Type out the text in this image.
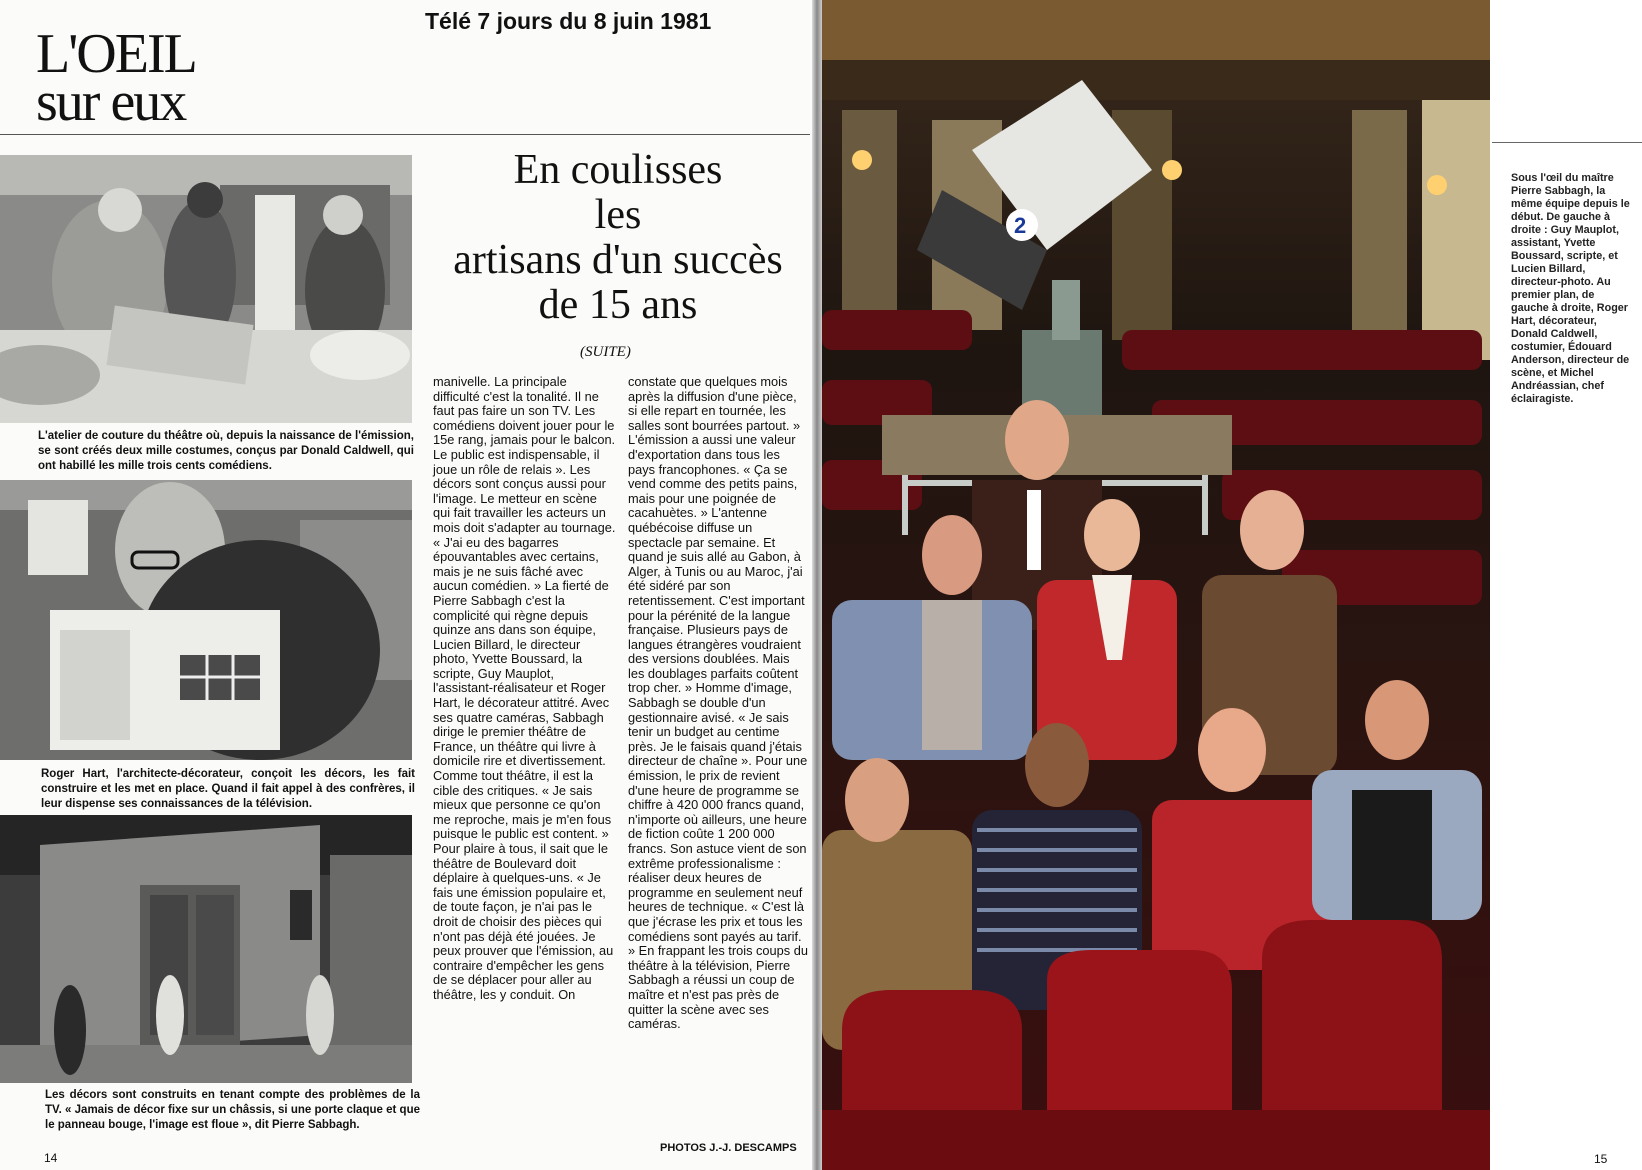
Télé 7 jours du 8 juin 1981
L'OEIL
sur eux
L'atelier de couture du théâtre où, depuis la naissance de l'émission, se sont créés deux mille costumes, conçus par Donald Caldwell, qui ont habillé les mille trois cents comédiens.
Roger Hart, l'architecte-décorateur, conçoit les décors, les fait construire et les met en place. Quand il fait appel à des confrères, il leur dispense ses connaissances de la télévision.
Les décors sont construits en tenant compte des problèmes de la TV. « Jamais de décor fixe sur un châssis, si une porte claque et que le panneau bouge, l'image est floue », dit Pierre Sabbagh.
En coulisses
les
artisans d'un succès
de 15 ans
(SUITE)
manivelle. La principale difficulté c'est la tonalité. Il ne faut pas faire un son TV. Les comédiens doivent jouer pour le 15e rang, jamais pour le balcon. Le public est indispensable, il joue un rôle de relais ». Les décors sont conçus aussi pour l'image. Le metteur en scène qui fait travailler les acteurs un mois doit s'adapter au tournage. « J'ai eu des bagarres épouvantables avec certains, mais je ne suis fâché avec aucun comédien. » La fierté de Pierre Sabbagh c'est la complicité qui règne depuis quinze ans dans son équipe, Lucien Billard, le directeur photo, Yvette Boussard, la scripte, Guy Mauplot, l'assistant-réalisateur et Roger Hart, le décorateur attitré. Avec ses quatre caméras, Sabbagh dirige le premier théâtre de France, un théâtre qui livre à domicile rire et divertissement. Comme tout théâtre, il est la cible des critiques. « Je sais mieux que personne ce qu'on me reproche, mais je m'en fous puisque le public est content. » Pour plaire à tous, il sait que le théâtre de Boulevard doit déplaire à quelques-uns. « Je fais une émission populaire et, de toute façon, je n'ai pas le droit de choisir des pièces qui n'ont pas déjà été jouées. Je peux prouver que l'émission, au contraire d'empêcher les gens de se déplacer pour aller au théâtre, les y conduit. On
constate que quelques mois après la diffusion d'une pièce, si elle repart en tournée, les salles sont bourrées partout. » L'émission a aussi une valeur d'exportation dans tous les pays francophones. « Ça se vend comme des petits pains, mais pour une poignée de cacahuètes. » L'antenne québécoise diffuse un spectacle par semaine. Et quand je suis allé au Gabon, à Alger, à Tunis ou au Maroc, j'ai été sidéré par son retentissement. C'est important pour la pérénité de la langue française. Plusieurs pays de langues étrangères voudraient des versions doublées. Mais les doublages parfaits coûtent trop cher. » Homme d'image, Sabbagh se double d'un gestionnaire avisé. « Je sais tenir un budget au centime près. Je le faisais quand j'étais directeur de chaîne ». Pour une émission, le prix de revient d'une heure de programme se chiffre à 420 000 francs quand, n'importe où ailleurs, une heure de fiction coûte 1 200 000 francs. Son astuce vient de son extrême professionalisme : réaliser deux heures de programme en seulement neuf heures de technique. « C'est là que j'écrase les prix et tous les comédiens sont payés au tarif. » En frappant les trois coups du théâtre à la télévision, Pierre Sabbagh a réussi un coup de maître et n'est pas près de quitter la scène avec ses caméras.
PHOTOS J.-J. DESCAMPS
14
2
Sous l'œil du maître Pierre Sabbagh, la même équipe depuis le début. De gauche à droite : Guy Mauplot, assistant, Yvette Boussard, scripte, et Lucien Billard, directeur-photo. Au premier plan, de gauche à droite, Roger Hart, décorateur, Donald Caldwell, costumier, Édouard Anderson, directeur de scène, et Michel Andréassian, chef éclairagiste.
15
